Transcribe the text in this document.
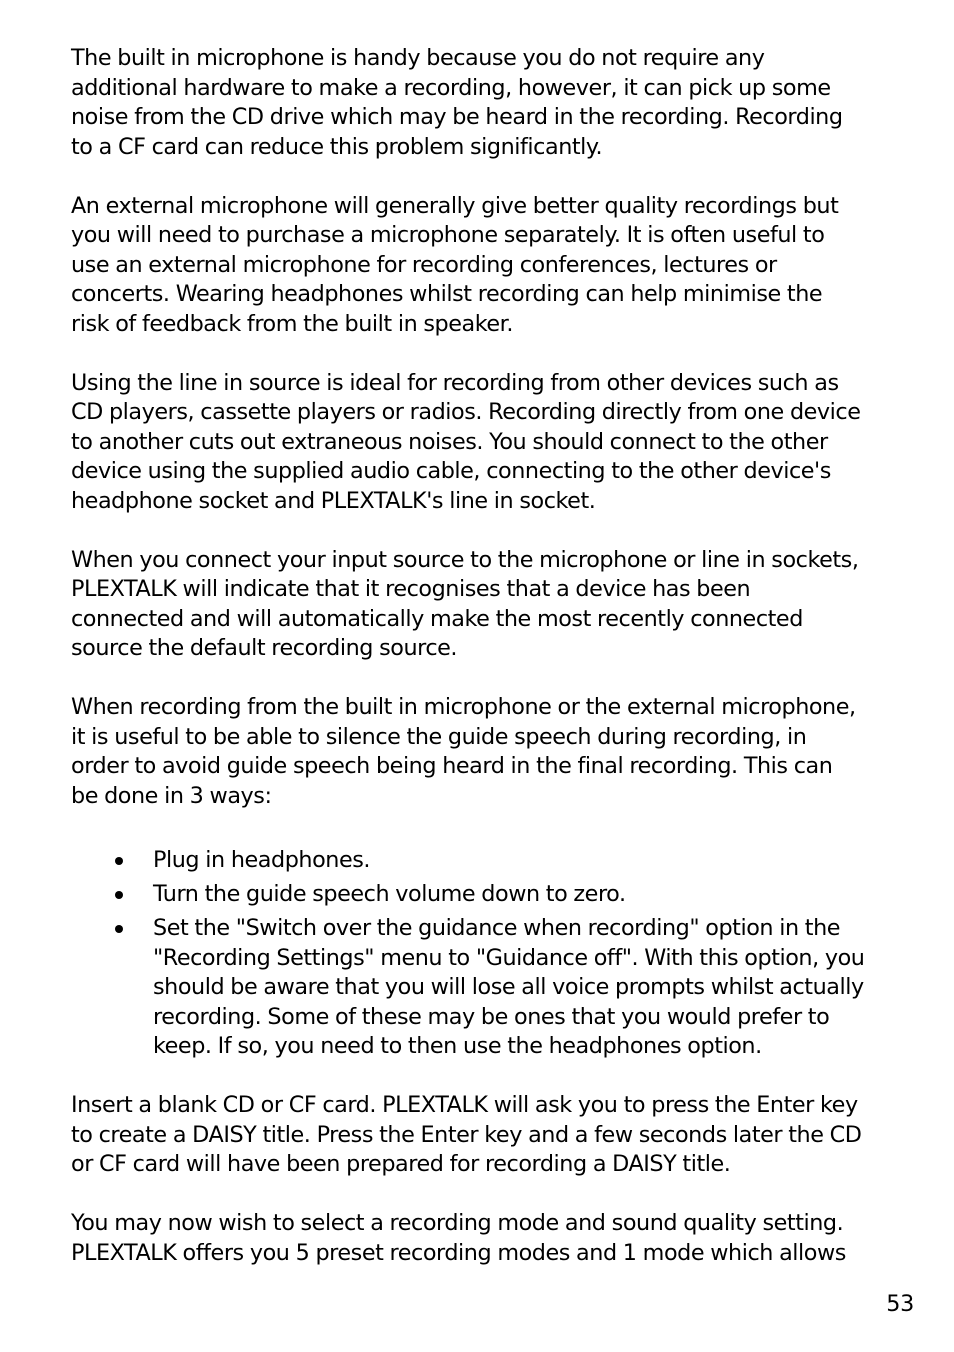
The built in microphone is handy because you do not require any
additional hardware to make a recording, however, it can pick up some
noise from the CD drive which may be heard in the recording. Recording
to a CF card can reduce this problem significantly.

An external microphone will generally give better quality recordings but
you will need to purchase a microphone separately. It is often useful to
use an external microphone for recording conferences, lectures or
concerts. Wearing headphones whilst recording can help minimise the
risk of feedback from the built in speaker.

Using the line in source is ideal for recording from other devices such as
CD players, cassette players or radios. Recording directly from one device
to another cuts out extraneous noises. You should connect to the other
device using the supplied audio cable, connecting to the other device's
headphone socket and PLEXTALK's line in socket.

When you connect your input source to the microphone or line in sockets,
PLEXTALK will indicate that it recognises that a device has been
connected and will automatically make the most recently connected
source the default recording source.

When recording from the built in microphone or the external microphone,
it is useful to be able to silence the guide speech during recording, in
order to avoid guide speech being heard in the final recording. This can
be done in 3 ways:

Plug in headphones.
Turn the guide speech volume down to zero.
Set the "Switch over the guidance when recording" option in the
"Recording Settings" menu to "Guidance off". With this option, you
should be aware that you will lose all voice prompts whilst actually
recording. Some of these may be ones that you would prefer to
keep. If so, you need to then use the headphones option.

Insert a blank CD or CF card. PLEXTALK will ask you to press the Enter key
to create a DAISY title. Press the Enter key and a few seconds later the CD
or CF card will have been prepared for recording a DAISY title.

You may now wish to select a recording mode and sound quality setting.
PLEXTALK offers you 5 preset recording modes and 1 mode which allows

53
